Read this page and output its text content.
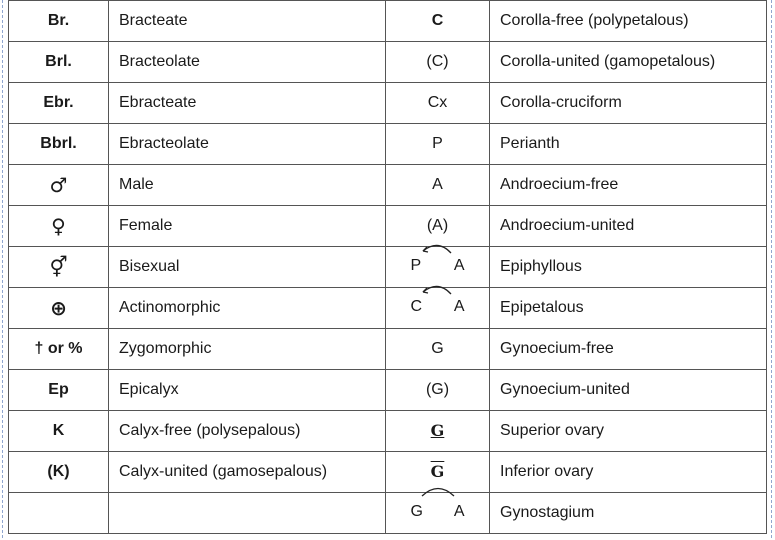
Br.	Bracteate	C	Corolla-free (polypetalous)
Brl.	Bracteolate	(C)	Corolla-united (gamopetalous)
Ebr.	Ebracteate	Cx	Corolla-cruciform
Bbrl.	Ebracteolate	P	Perianth
♂	Male	A	Androecium-free
♀	Female	(A)	Androecium-united
⚥	Bisexual	P A	Epiphyllous
⊕	Actinomorphic	C A	Epipetalous
† or %	Zygomorphic	G	Gynoecium-free
Ep	Epicalyx	(G)	Gynoecium-united
K	Calyx-free (polysepalous)	G	Superior ovary
(K)	Calyx-united (gamosepalous)	$\overline{G}$	Inferior ovary

		G A	Gynostagium
